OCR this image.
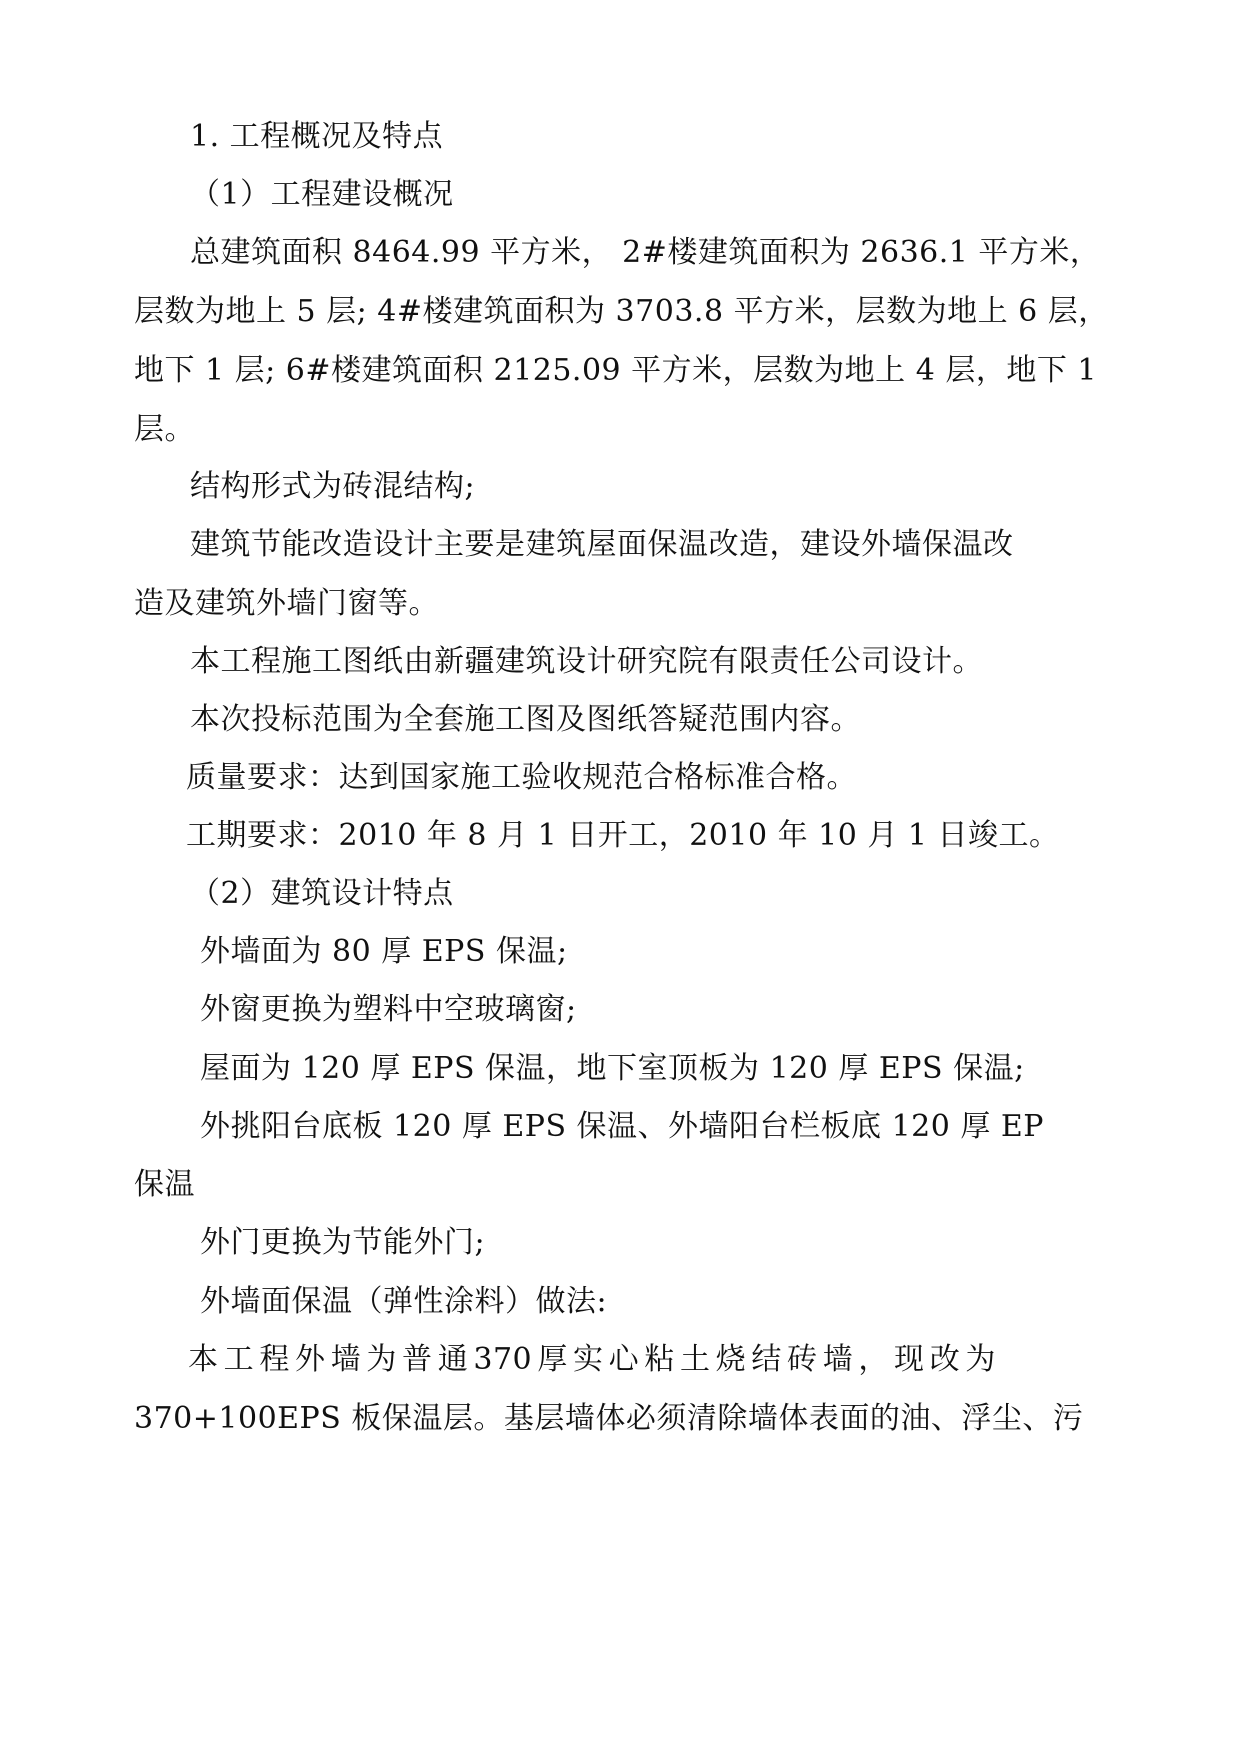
1. 工程概况及特点
（1）工程建设概况
总建筑面积 8464.99 平方米， 2#楼建筑面积为 2636.1 平方米，
层数为地上 5 层; 4#楼建筑面积为 3703.8 平方米，层数为地上 6 层，
地下 1 层; 6#楼建筑面积 2125.09 平方米，层数为地上 4 层，地下 1
层。
结构形式为砖混结构;
建筑节能改造设计主要是建筑屋面保温改造，建设外墙保温改
造及建筑外墙门窗等。
本工程施工图纸由新疆建筑设计研究院有限责任公司设计。
本次投标范围为全套施工图及图纸答疑范围内容。
质量要求：达到国家施工验收规范合格标准合格。
工期要求：2010 年 8 月 1 日开工，2010 年 10 月 1 日竣工。
（2）建筑设计特点
外墙面为 80 厚 EPS 保温;
外窗更换为塑料中空玻璃窗;
屋面为 120 厚 EPS 保温，地下室顶板为 120 厚 EPS 保温;
外挑阳台底板 120 厚 EPS 保温、外墙阳台栏板底 120 厚 EP
保温
外门更换为节能外门;
外墙面保温（弹性涂料）做法:
本 工 程 外 墙 为 普 通 370 厚 实 心 粘 土 烧 结 砖 墙 ， 现 改 为
370+100EPS 板保温层。基层墙体必须清除墙体表面的油、浮尘、污
